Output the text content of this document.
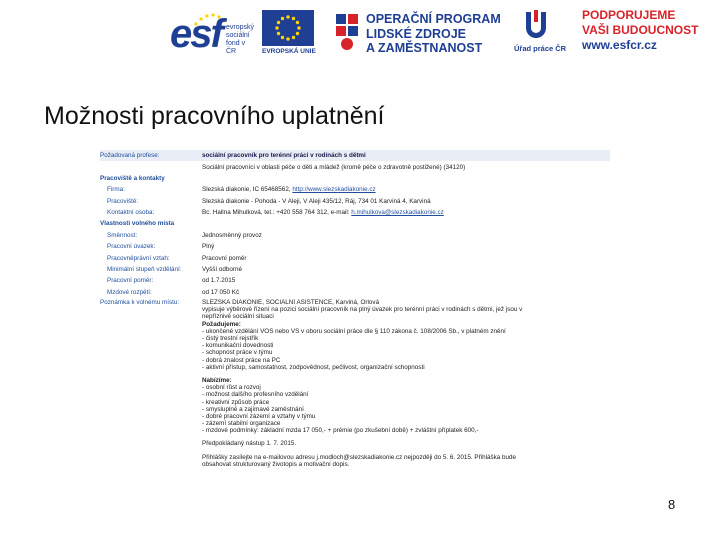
esf evropský
sociální
fond v ČR	EVROPSKÁ UNIE
OPERAČNÍ PROGRAM
LIDSKÉ ZDROJE
A ZAMĚSTNANOST	Úřad práce ČR
PODPORUJEME
VAŠI BUDOUCNOST
www.esfcr.cz
Možnosti pracovního uplatnění
Požadovaná profese:	sociální pracovník pro terénní práci v rodinách s dětmi
Sociální pracovníci v oblasti péče o děti a mládež (kromě péče o zdravotně postižené) (34120)
Pracoviště a kontakty
Firma:	Slezská diakonie, IČ 65468562, http://www.slezskadiakonie.cz
Pracoviště:	Slezská diakonie - Pohoda - V Aleji, V Aleji 435/12, Ráj, 734 01 Karviná 4, Karviná
Kontaktní osoba:	Bc. Hallna Mihulková, tel.: +420 558 764 312, e-mail: h.mihulkova@slezskadiakonie.cz
Vlastnosti volného místa
Směnnost:	Jednosměnný provoz
Pracovní úvazek:	Plný
Pracovněprávní vztah:	Pracovní poměr
Minimální stupeň vzdělání:	Vyšší odborné
Pracovní poměr:	od 1.7.2015
Mzdové rozpětí:	od 17 050 Kč
Poznámka k volnému místu:	SLEZSKÁ DIAKONIE, SOCIÁLNÍ ASISTENCE, Karviná, Orlová
vypisuje výběrové řízení na pozici sociální pracovník na plný úvazek pro terénní práci v rodinách s dětmi, jež jsou v
nepříznivé sociální situaci
Požadujeme:
- ukončené vzdělání VOŠ nebo VŠ v oboru sociální práce dle § 110 zákona č. 108/2006 Sb., v platném znění
- čistý trestní rejstřík
- komunikační dovednosti
- schopnost práce v týmu
- dobrá znalost práce na PC
- aktivní přístup, samostatnost, zodpovědnost, pečlivost, organizační schopnosti
Nabízíme:
- osobní růst a rozvoj
- možnost dalšího profesního vzdělání
- kreativní způsob práce
- smysluplné a zajímavé zaměstnání
- dobré pracovní zázemí a vztahy v týmu
- zázemí stabilní organizace
- mzdové podmínky: základní mzda 17 050,- + prémie (po zkušební době) + zvláštní příplatek 600,-
Předpokládaný nástup 1. 7. 2015.
Přihlášky zasílejte na e-mailovou adresu j.modloch@slezskadiakonie.cz nejpozději do 5. 6. 2015. Přihláška bude
obsahovat strukturovaný životopis a motivační dopis.
8
